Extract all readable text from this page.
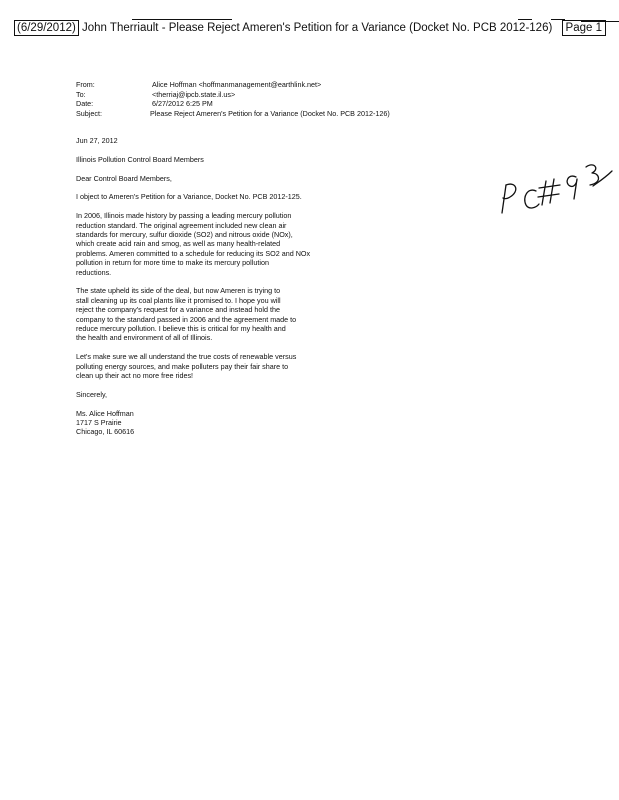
(6/29/2012) John Therriault - Please Reject Ameren's Petition for a Variance (Docket No. PCB 2012-126)	Page 1
From:	Alice Hoffman <hoffmanmanagement@earthlink.net>
To:	<therriaj@ipcb.state.il.us>
Date:	6/27/2012 6:25 PM
Subject:	Please Reject Ameren's Petition for a Variance (Docket No. PCB 2012-126)

Jun 27, 2012

Illinois Pollution Control Board Members

Dear Control Board Members,

I object to Ameren's Petition for a Variance, Docket No. PCB 2012-125.

In 2006, Illinois made history by passing a leading mercury pollution
reduction standard. The original agreement included new clean air
standards for mercury, sulfur dioxide (SO2) and nitrous oxide (NOx),
which create acid rain and smog, as well as many health-related
problems. Ameren committed to a schedule for reducing its SO2 and NOx
pollution in return for more time to make its mercury pollution
reductions.
The state upheld its side of the deal, but now Ameren is trying to
stall cleaning up its coal plants like it promised to. I hope you will
reject the company's request for a variance and instead hold the
company to the standard passed in 2006 and the agreement made to
reduce mercury pollution. I believe this is critical for my health and
the health and environment of all of Illinois.
Let's make sure we all understand the true costs of renewable versus
polluting energy sources, and make polluters pay their fair share to
clean up their act no more free rides!

Sincerely,

Ms. Alice Hoffman
1717 S Prairie
Chicago, IL 60616
